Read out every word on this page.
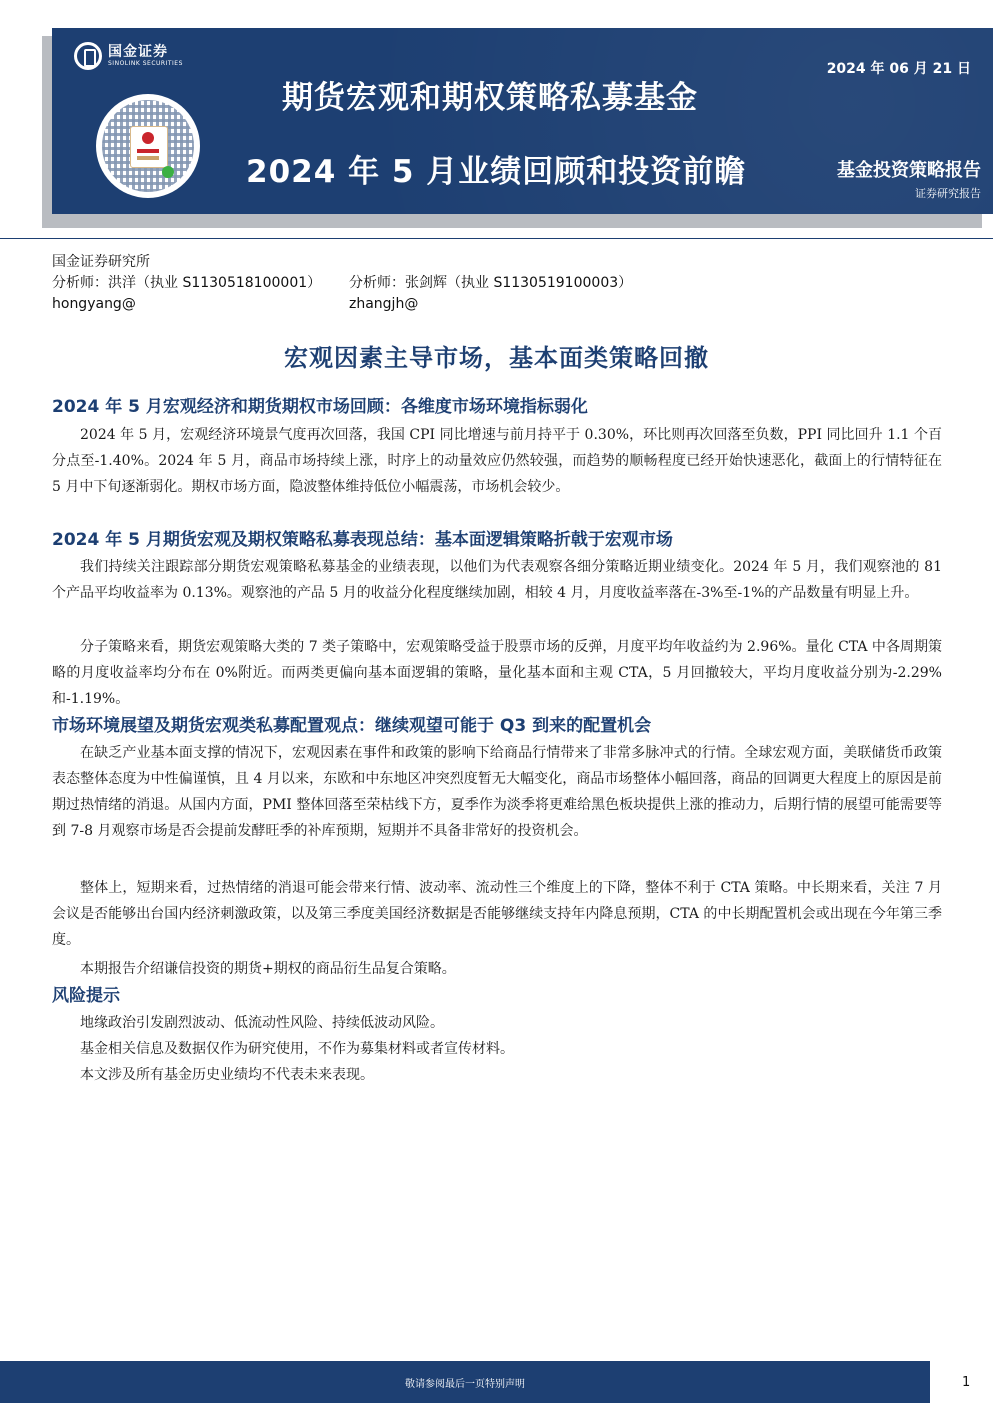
国金证券
SINOLINK SECURITIES
期货宏观和期权策略私募基金
2024 年 5 月业绩回顾和投资前瞻
2024 年 06 月 21 日
基金投资策略报告
证券研究报告
国金证券研究所
分析师：洪洋（执业 S1130518100001）
hongyang@
分析师：张剑辉（执业 S1130519100003）
zhangjh@
宏观因素主导市场，基本面类策略回撤
2024 年 5 月宏观经济和期货期权市场回顾：各维度市场环境指标弱化

2024 年 5 月，宏观经济环境景气度再次回落，我国 CPI 同比增速与前月持平于 0.30%，环比则再次回落至负数，PPI 同比回升 1.1 个百分点至-1.40%。2024 年 5 月，商品市场持续上涨，时序上的动量效应仍然较强，而趋势的顺畅程度已经开始快速恶化，截面上的行情特征在 5 月中下旬逐渐弱化。期权市场方面，隐波整体维持低位小幅震荡，市场机会较少。

2024 年 5 月期货宏观及期权策略私募表现总结：基本面逻辑策略折戟于宏观市场

我们持续关注跟踪部分期货宏观策略私募基金的业绩表现，以他们为代表观察各细分策略近期业绩变化。2024 年 5 月，我们观察池的 81 个产品平均收益率为 0.13%。观察池的产品 5 月的收益分化程度继续加剧，相较 4 月，月度收益率落在-3%至-1%的产品数量有明显上升。

分子策略来看，期货宏观策略大类的 7 类子策略中，宏观策略受益于股票市场的反弹，月度平均年收益约为 2.96%。量化 CTA 中各周期策略的月度收益率均分布在 0%附近。而两类更偏向基本面逻辑的策略，量化基本面和主观 CTA，5 月回撤较大，平均月度收益分别为-2.29%和-1.19%。

市场环境展望及期货宏观类私募配置观点：继续观望可能于 Q3 到来的配置机会

在缺乏产业基本面支撑的情况下，宏观因素在事件和政策的影响下给商品行情带来了非常多脉冲式的行情。全球宏观方面，美联储货币政策表态整体态度为中性偏谨慎，且 4 月以来，东欧和中东地区冲突烈度暂无大幅变化，商品市场整体小幅回落，商品的回调更大程度上的原因是前期过热情绪的消退。从国内方面，PMI 整体回落至荣枯线下方，夏季作为淡季将更难给黑色板块提供上涨的推动力，后期行情的展望可能需要等到 7-8 月观察市场是否会提前发酵旺季的补库预期，短期并不具备非常好的投资机会。

整体上，短期来看，过热情绪的消退可能会带来行情、波动率、流动性三个维度上的下降，整体不利于 CTA 策略。中长期来看，关注 7 月会议是否能够出台国内经济刺激政策，以及第三季度美国经济数据是否能够继续支持年内降息预期，CTA 的中长期配置机会或出现在今年第三季度。

本期报告介绍谦信投资的期货+期权的商品衍生品复合策略。

风险提示

地缘政治引发剧烈波动、低流动性风险、持续低波动风险。

基金相关信息及数据仅作为研究使用，不作为募集材料或者宣传材料。

本文涉及所有基金历史业绩均不代表未来表现。

敬请参阅最后一页特别声明	1
